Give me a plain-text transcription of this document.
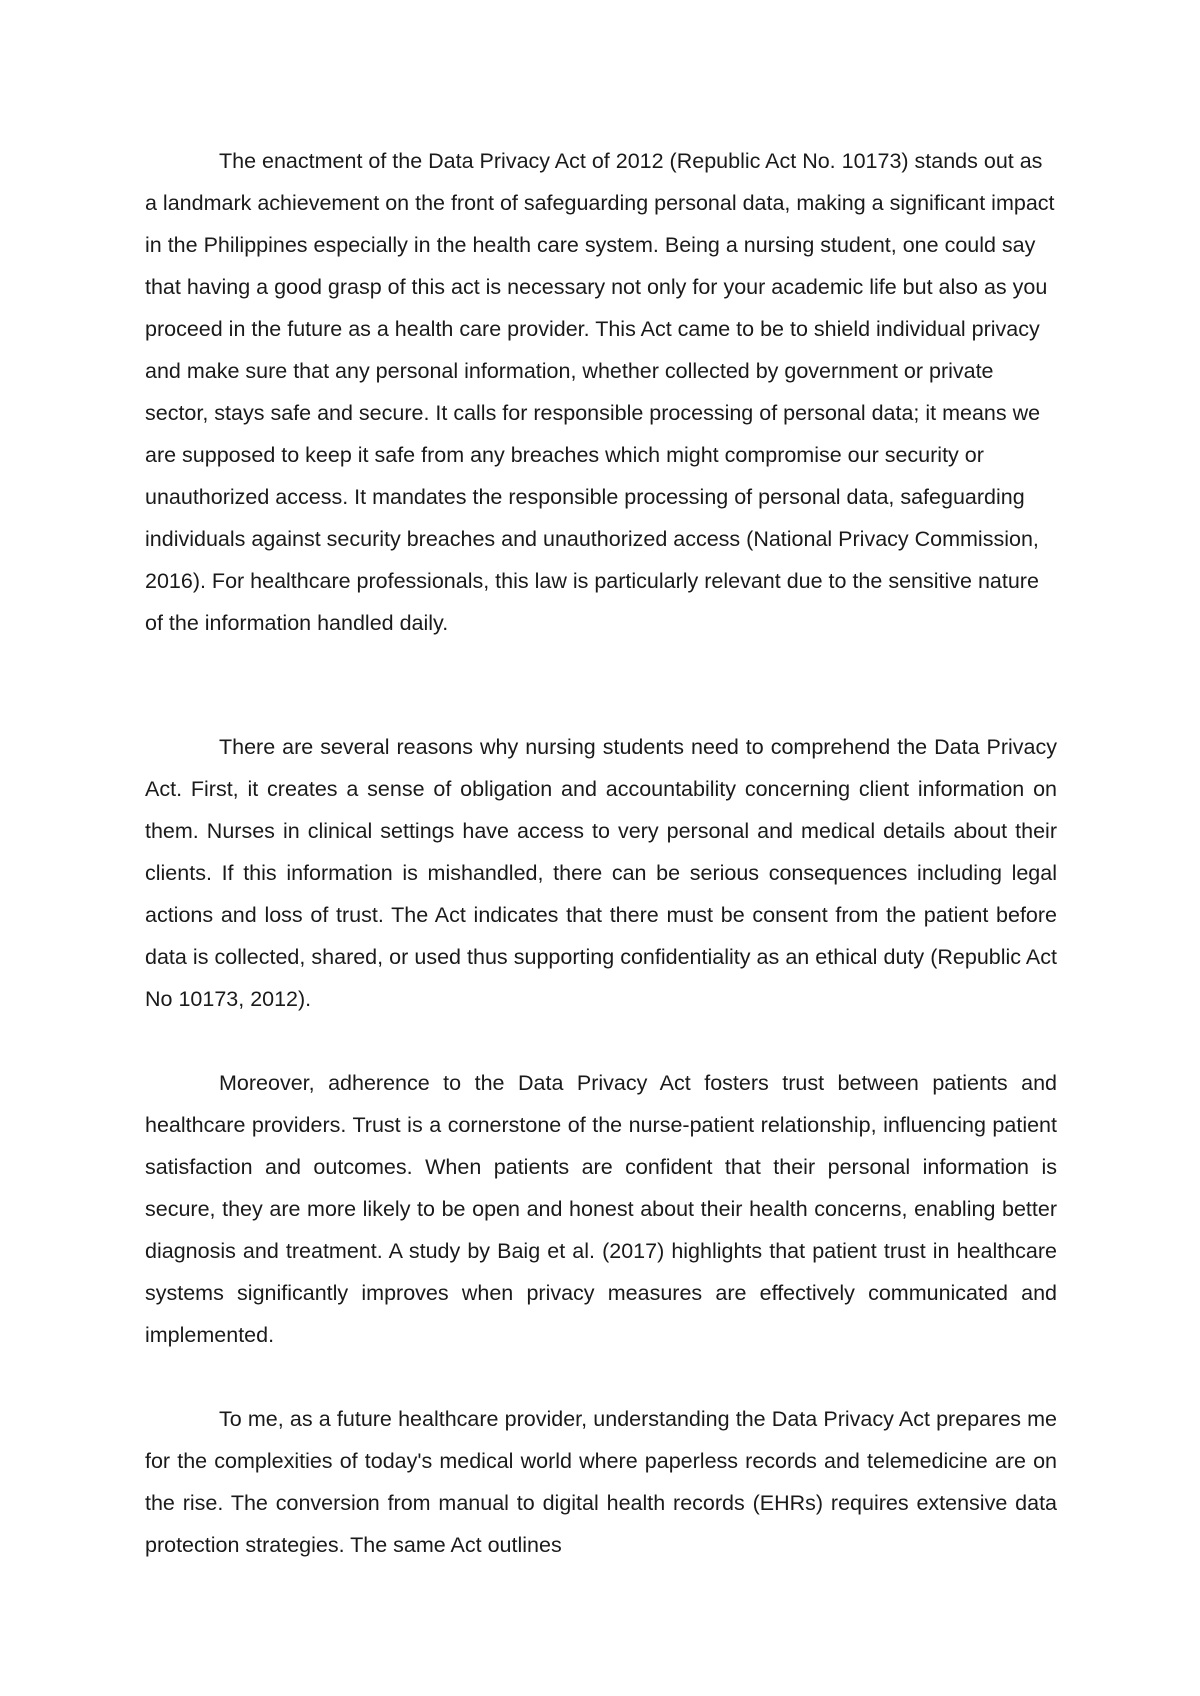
The enactment of the Data Privacy Act of 2012 (Republic Act No. 10173) stands out as a landmark achievement on the front of safeguarding personal data, making a significant impact in the Philippines especially in the health care system. Being a nursing student, one could say that having a good grasp of this act is necessary not only for your academic life but also as you proceed in the future as a health care provider. This Act came to be to shield individual privacy and make sure that any personal information, whether collected by government or private sector, stays safe and secure. It calls for responsible processing of personal data; it means we are supposed to keep it safe from any breaches which might compromise our security or unauthorized access. It mandates the responsible processing of personal data, safeguarding individuals against security breaches and unauthorized access (National Privacy Commission, 2016). For healthcare professionals, this law is particularly relevant due to the sensitive nature of the information handled daily.

There are several reasons why nursing students need to comprehend the Data Privacy Act. First, it creates a sense of obligation and accountability concerning client information on them. Nurses in clinical settings have access to very personal and medical details about their clients. If this information is mishandled, there can be serious consequences including legal actions and loss of trust. The Act indicates that there must be consent from the patient before data is collected, shared, or used thus supporting confidentiality as an ethical duty (Republic Act No 10173, 2012).

Moreover, adherence to the Data Privacy Act fosters trust between patients and healthcare providers. Trust is a cornerstone of the nurse-patient relationship, influencing patient satisfaction and outcomes. When patients are confident that their personal information is secure, they are more likely to be open and honest about their health concerns, enabling better diagnosis and treatment. A study by Baig et al. (2017) highlights that patient trust in healthcare systems significantly improves when privacy measures are effectively communicated and implemented.

To me, as a future healthcare provider, understanding the Data Privacy Act prepares me for the complexities of today's medical world where paperless records and telemedicine are on the rise. The conversion from manual to digital health records (EHRs) requires extensive data protection strategies. The same Act outlines
